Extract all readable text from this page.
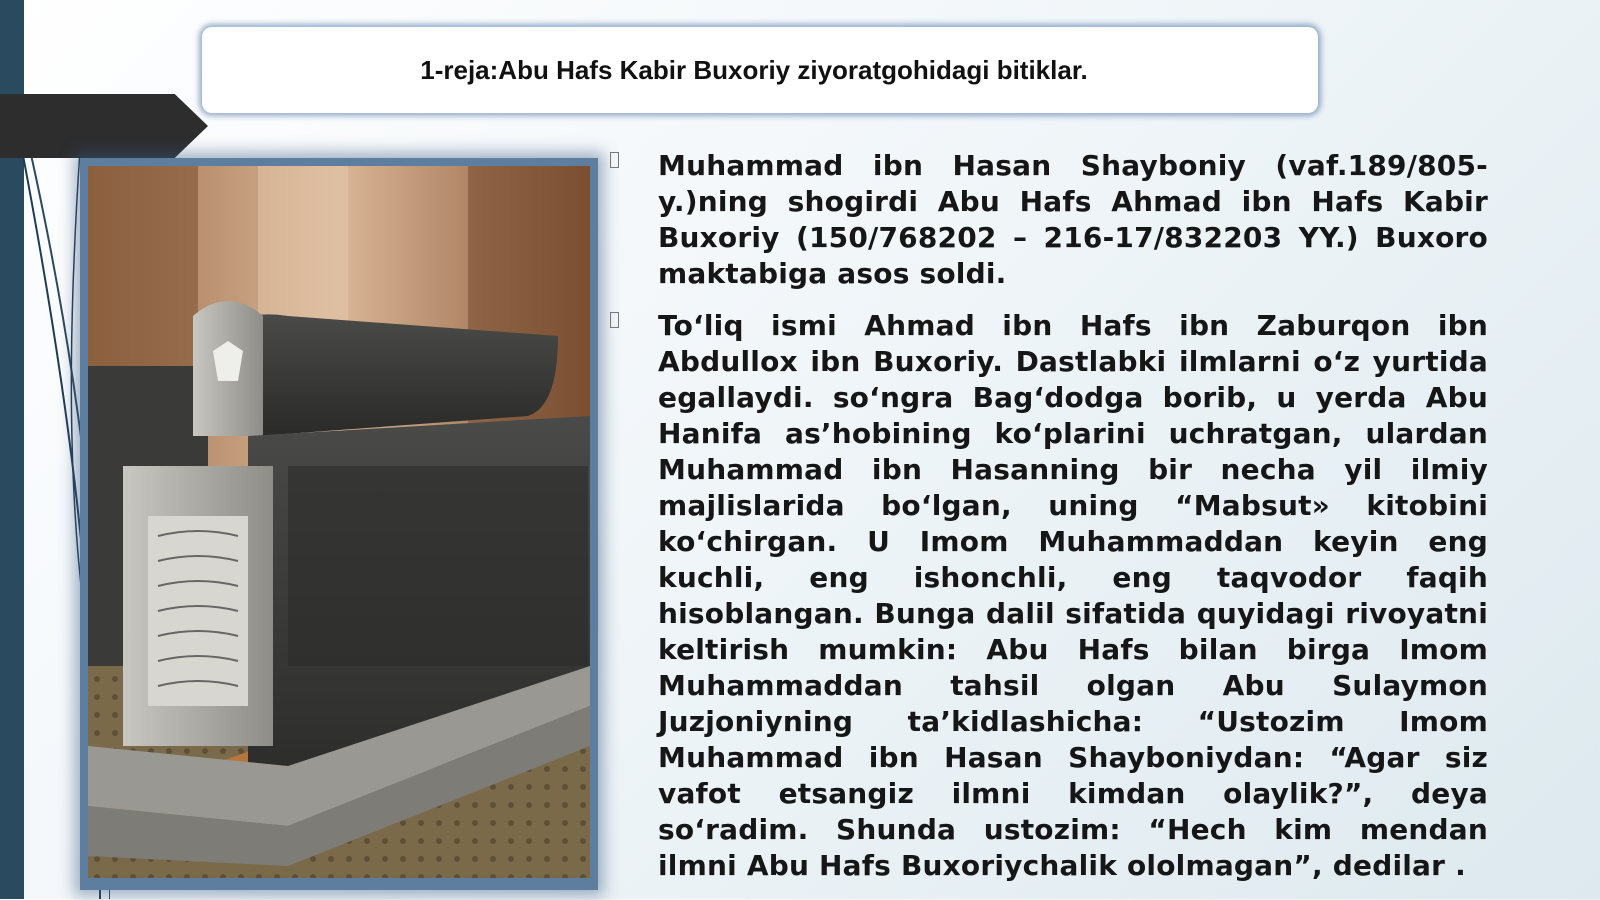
1-reja:Abu Hafs Kabir Buxoriy ziyoratgohidagi bitiklar.
Muhammad ibn Hasan Shayboniy (vaf.189/805-y.)ning shogirdi Abu Hafs Ahmad ibn Hafs Kabir Buxoriy (150/768202 – 216-17/832203 YY.) Buxoro maktabiga asos soldi.
To‘liq ismi Ahmad ibn Hafs ibn Zaburqon ibn Abdullox ibn Buxoriy. Dastlabki ilmlarni o‘z yurtida egallaydi. so‘ngra Bag‘dodga borib, u yerda Abu Hanifa as’hobining ko‘plarini uchratgan, ulardan Muhammad ibn Hasanning bir necha yil ilmiy majlislarida bo‘lgan, uning “Mabsut» kitobini ko‘chirgan. U Imom Muhammaddan keyin eng kuchli, eng ishonchli, eng taqvodor faqih hisoblangan. Bunga dalil sifatida quyidagi rivoyatni keltirish mumkin: Abu Hafs bilan birga Imom Muhammaddan tahsil olgan Abu Sulaymon Juzjoniyning ta’kidlashicha: “Ustozim Imom Muhammad ibn Hasan Shayboniydan: “Agar siz vafot etsangiz ilmni kimdan olaylik?”, deya so‘radim. Shunda ustozim: “Hech kim mendan ilmni Abu Hafs Buxoriychalik ololmagan”, dedilar .
